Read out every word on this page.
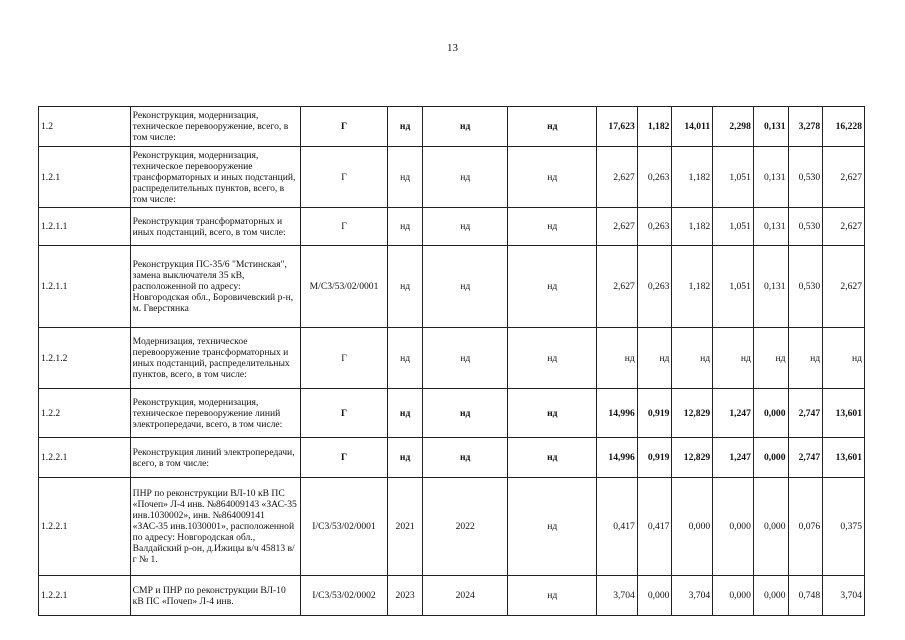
13
1.2	Реконструкция, модернизация, техническое перевооружение, всего, в том числе:	Г	нд	нд	нд	17,623	1,182	14,011	2,298	0,131	3,278	16,228
1.2.1	Реконструкция, модернизация, техническое перевооружение трансформаторных и иных подстанций, распределительных пунктов, всего, в том числе:	Г	нд	нд	нд	2,627	0,263	1,182	1,051	0,131	0,530	2,627
1.2.1.1	Реконструкция трансформаторных и иных подстанций, всего, в том числе:	Г	нд	нд	нд	2,627	0,263	1,182	1,051	0,131	0,530	2,627
1.2.1.1	Реконструкция ПС-35/6 "Мстинская", замена выключателя 35 кВ, расположенной по адресу: Новгородская обл., Боровичевский р-н, м. Гверстянка	M/C3/53/02/0001	нд	нд	нд	2,627	0,263	1,182	1,051	0,131	0,530	2,627
1.2.1.2	Модернизация, техническое перевооружение трансформаторных и иных подстанций, распределительных пунктов, всего, в том числе:	Г	нд	нд	нд	нд	нд	нд	нд	нд	нд	нд
1.2.2	Реконструкция, модернизация, техническое перевооружение линий электропередачи, всего, в том числе:	Г	нд	нд	нд	14,996	0,919	12,829	1,247	0,000	2,747	13,601
1.2.2.1	Реконструкция линий электропередачи, всего, в том числе:	Г	нд	нд	нд	14,996	0,919	12,829	1,247	0,000	2,747	13,601
1.2.2.1	ПНР по реконструкции ВЛ-10 кВ ПС «Почеп» Л-4 инв. №864009143 «ЗАС-35 инв.1030002», инв. №864009141 «ЗАС-35 инв.1030001», расположенной по адресу: Новгородская обл., Валдайский р-он, д.Ижицы в/ч 45813 в/г № 1.	I/C3/53/02/0001	2021	2022	нд	0,417	0,417	0,000	0,000	0,000	0,076	0,375
1.2.2.1	СМР и ПНР по реконструкции ВЛ-10 кВ ПС «Почеп» Л-4 инв.	I/C3/53/02/0002	2023	2024	нд	3,704	0,000	3,704	0,000	0,000	0,748	3,704
